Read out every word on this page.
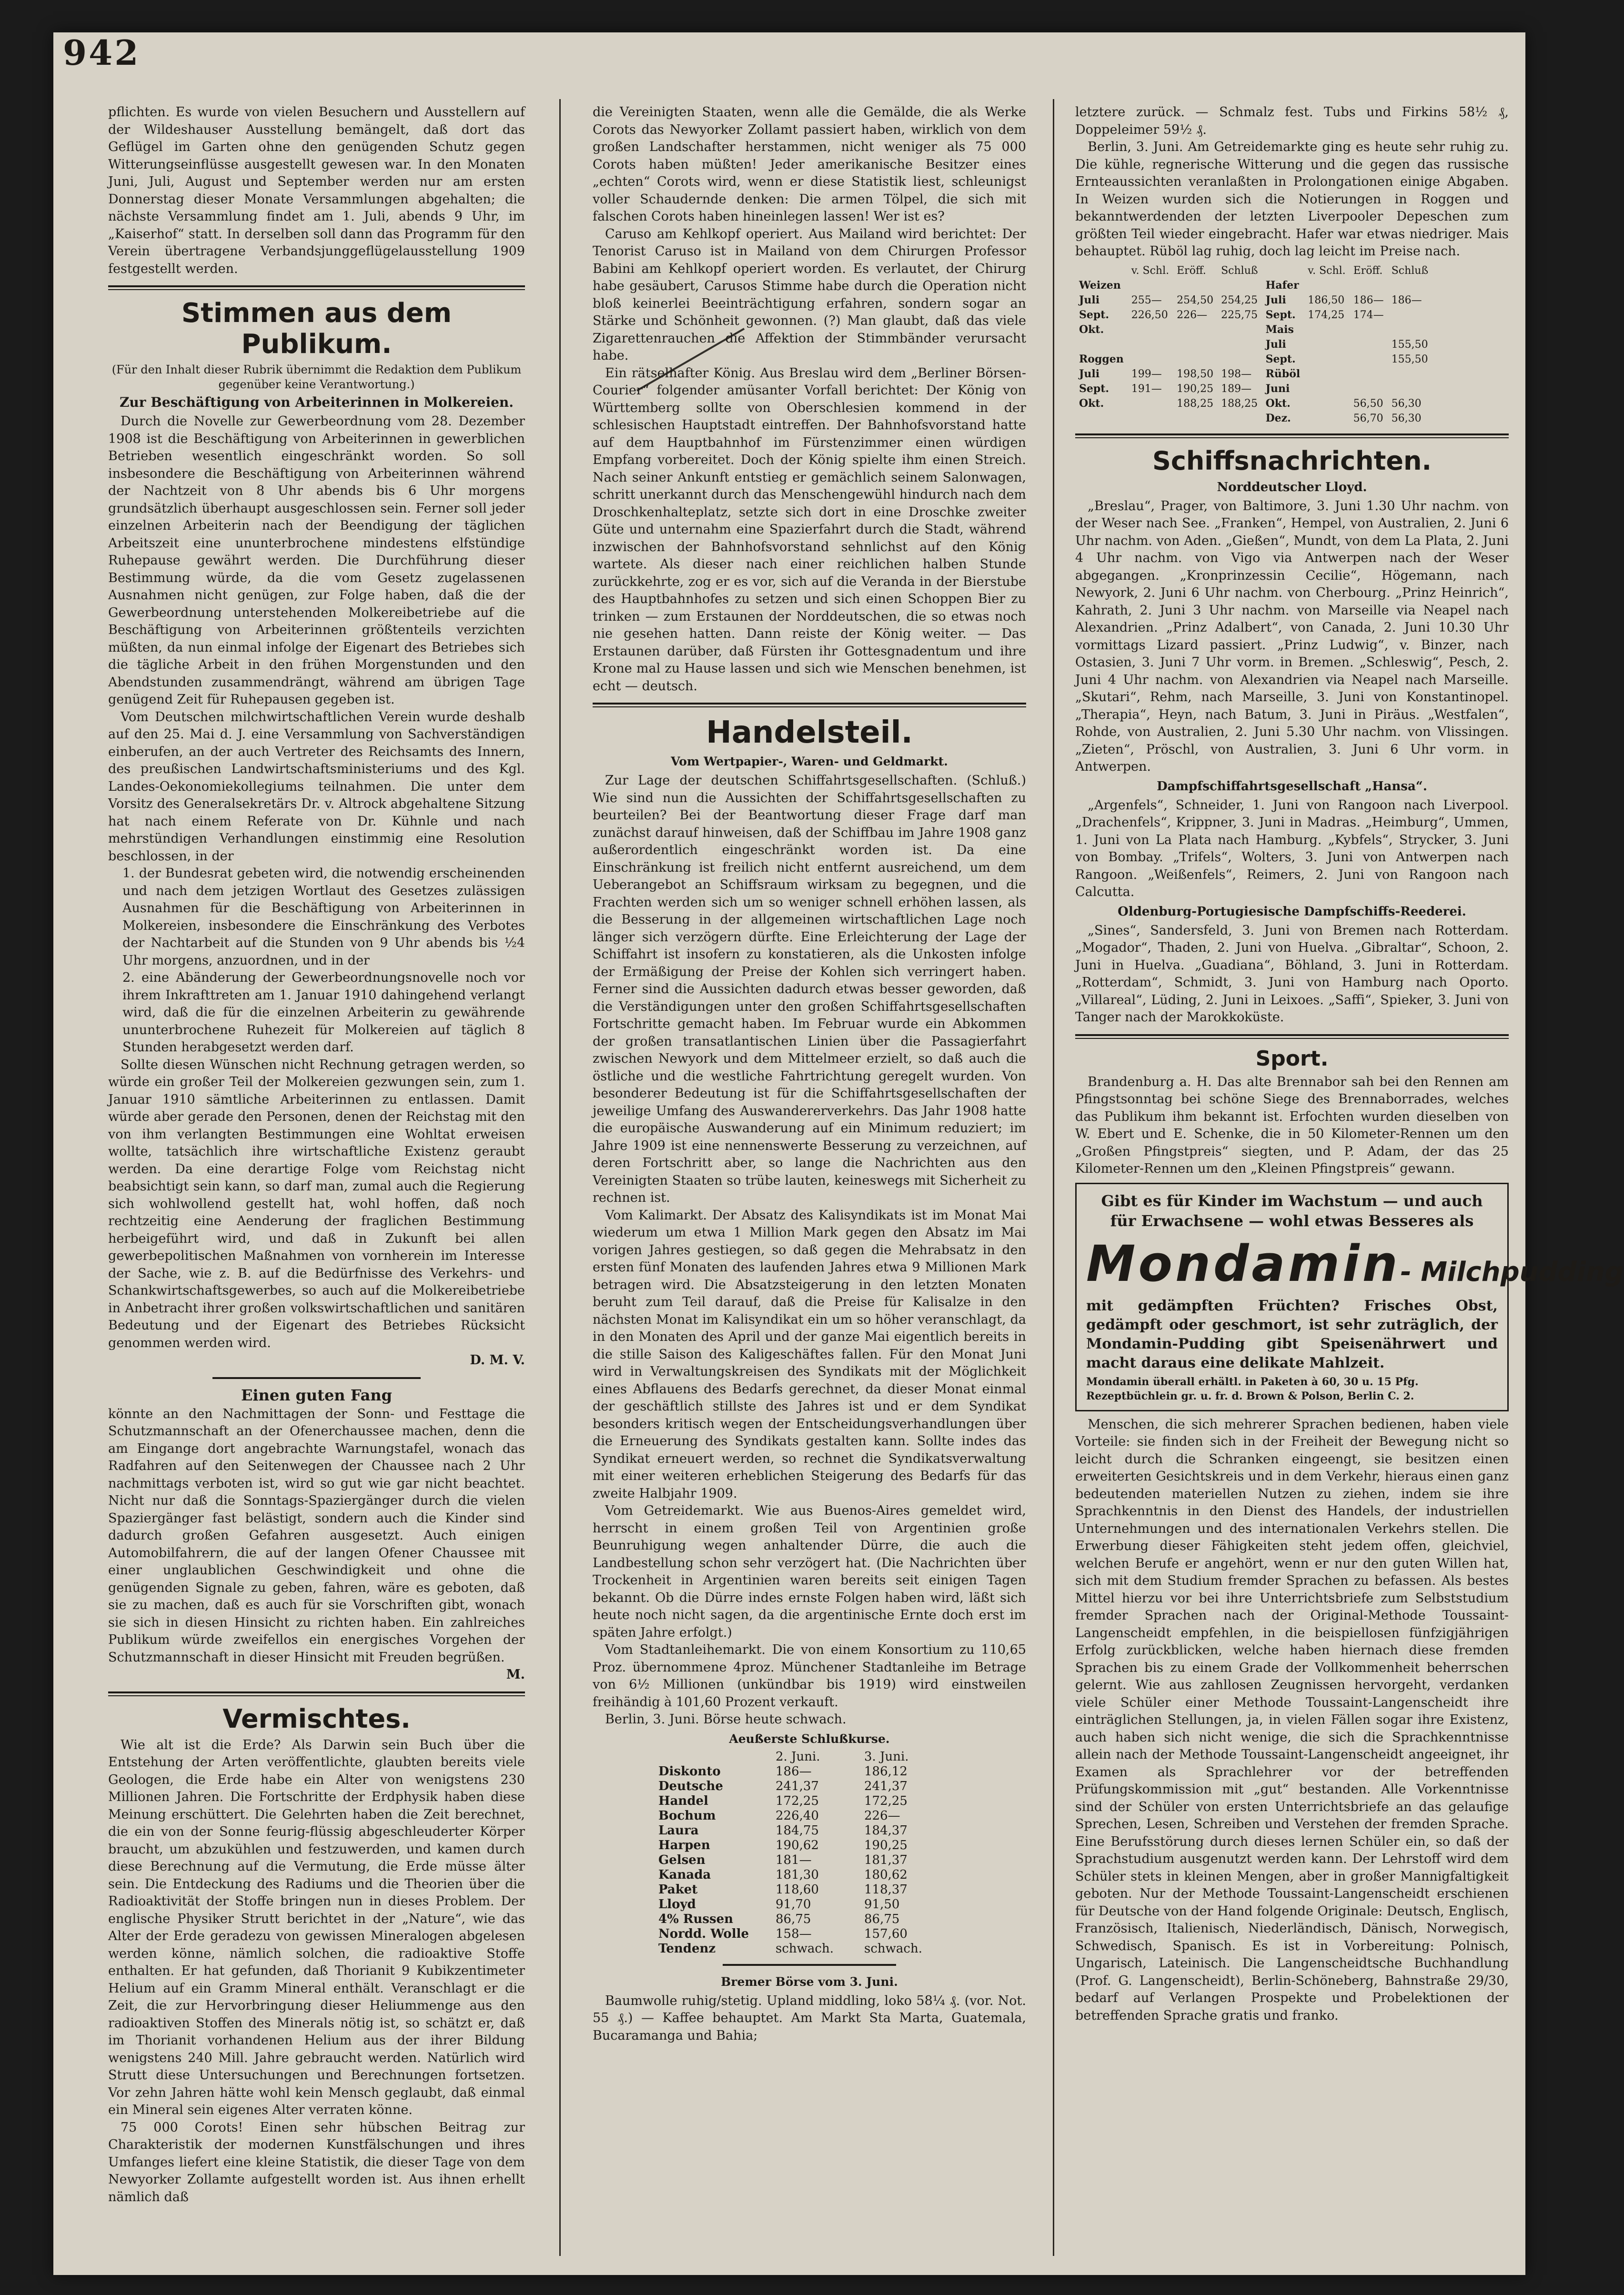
942

pflichten. Es wurde von vielen Besuchern und Ausstellern auf der Wildeshauser Ausstellung bemängelt, daß dort das Geflügel im Garten ohne den genügenden Schutz gegen Witterungseinflüsse ausgestellt gewesen war. In den Monaten Juni, Juli, August und September werden nur am ersten Donnerstag dieser Monate Versammlungen abgehalten; die nächste Versammlung findet am 1. Juli, abends 9 Uhr, im „Kaiserhof“ statt. In derselben soll dann das Programm für den Verein übertragene Verbandsjunggeflügelausstellung 1909 festgestellt werden.

Stimmen aus dem Publikum.
(Für den Inhalt dieser Rubrik übernimmt die Redaktion dem Publikum gegenüber keine Verantwortung.)
Zur Beschäftigung von Arbeiterinnen in Molkereien.

Durch die Novelle zur Gewerbeordnung vom 28. Dezember 1908 ist die Beschäftigung von Arbeiterinnen in gewerblichen Betrieben wesentlich eingeschränkt worden. So soll insbesondere die Beschäftigung von Arbeiterinnen während der Nachtzeit von 8 Uhr abends bis 6 Uhr morgens grundsätzlich überhaupt ausgeschlossen sein. Ferner soll jeder einzelnen Arbeiterin nach der Beendigung der täglichen Arbeitszeit eine ununterbrochene mindestens elfstündige Ruhepause gewährt werden. Die Durchführung dieser Bestimmung würde, da die vom Gesetz zugelassenen Ausnahmen nicht genügen, zur Folge haben, daß die der Gewerbeordnung unterstehenden Molkereibetriebe auf die Beschäftigung von Arbeiterinnen größtenteils verzichten müßten, da nun einmal infolge der Eigenart des Betriebes sich die tägliche Arbeit in den frühen Morgenstunden und den Abendstunden zusammendrängt, während am übrigen Tage genügend Zeit für Ruhepausen gegeben ist.

Vom Deutschen milchwirtschaftlichen Verein wurde deshalb auf den 25. Mai d. J. eine Versammlung von Sachverständigen einberufen, an der auch Vertreter des Reichsamts des Innern, des preußischen Landwirtschaftsministeriums und des Kgl. Landes-Oekonomiekollegiums teilnahmen. Die unter dem Vorsitz des Generalsekretärs Dr. v. Altrock abgehaltene Sitzung hat nach einem Referate von Dr. Kühnle und nach mehrstündigen Verhandlungen einstimmig eine Resolution beschlossen, in der

1. der Bundesrat gebeten wird, die notwendig erscheinenden und nach dem jetzigen Wortlaut des Gesetzes zulässigen Ausnahmen für die Beschäftigung von Arbeiterinnen in Molkereien, insbesondere die Einschränkung des Verbotes der Nachtarbeit auf die Stunden von 9 Uhr abends bis ½4 Uhr morgens, anzuordnen, und in der

2. eine Abänderung der Gewerbeordnungsnovelle noch vor ihrem Inkrafttreten am 1. Januar 1910 dahingehend verlangt wird, daß die für die einzelnen Arbeiterin zu gewährende ununterbrochene Ruhezeit für Molkereien auf täglich 8 Stunden herabgesetzt werden darf.

Sollte diesen Wünschen nicht Rechnung getragen werden, so würde ein großer Teil der Molkereien gezwungen sein, zum 1. Januar 1910 sämtliche Arbeiterinnen zu entlassen. Damit würde aber gerade den Personen, denen der Reichstag mit den von ihm verlangten Bestimmungen eine Wohltat erweisen wollte, tatsächlich ihre wirtschaftliche Existenz geraubt werden. Da eine derartige Folge vom Reichstag nicht beabsichtigt sein kann, so darf man, zumal auch die Regierung sich wohlwollend gestellt hat, wohl hoffen, daß noch rechtzeitig eine Aenderung der fraglichen Bestimmung herbeigeführt wird, und daß in Zukunft bei allen gewerbepolitischen Maßnahmen von vornherein im Interesse der Sache, wie z. B. auf die Bedürfnisse des Verkehrs- und Schankwirtschaftsgewerbes, so auch auf die Molkereibetriebe in Anbetracht ihrer großen volkswirtschaftlichen und sanitären Bedeutung und der Eigenart des Betriebes Rücksicht genommen werden wird.

D. M. V.
Einen guten Fang

könnte an den Nachmittagen der Sonn- und Festtage die Schutzmannschaft an der Ofenerchaussee machen, denn die am Eingange dort angebrachte Warnungstafel, wonach das Radfahren auf den Seitenwegen der Chaussee nach 2 Uhr nachmittags verboten ist, wird so gut wie gar nicht beachtet. Nicht nur daß die Sonntags-Spaziergänger durch die vielen Spaziergänger fast belästigt, sondern auch die Kinder sind dadurch großen Gefahren ausgesetzt. Auch einigen Automobilfahrern, die auf der langen Ofener Chaussee mit einer unglaublichen Geschwindigkeit und ohne die genügenden Signale zu geben, fahren, wäre es geboten, daß sie zu machen, daß es auch für sie Vorschriften gibt, wonach sie sich in diesen Hinsicht zu richten haben. Ein zahlreiches Publikum würde zweifellos ein energisches Vorgehen der Schutzmannschaft in dieser Hinsicht mit Freuden begrüßen.

M.
Vermischtes.

Wie alt ist die Erde? Als Darwin sein Buch über die Entstehung der Arten veröffentlichte, glaubten bereits viele Geologen, die Erde habe ein Alter von wenigstens 230 Millionen Jahren. Die Fortschritte der Erdphysik haben diese Meinung erschüttert. Die Gelehrten haben die Zeit berechnet, die ein von der Sonne feurig-flüssig abgeschleuderter Körper braucht, um abzukühlen und festzuwerden, und kamen durch diese Berechnung auf die Vermutung, die Erde müsse älter sein. Die Entdeckung des Radiums und die Theorien über die Radioaktivität der Stoffe bringen nun in dieses Problem. Der englische Physiker Strutt berichtet in der „Nature“, wie das Alter der Erde geradezu von gewissen Mineralogen abgelesen werden könne, nämlich solchen, die radioaktive Stoffe enthalten. Er hat gefunden, daß Thorianit 9 Kubikzentimeter Helium auf ein Gramm Mineral enthält. Veranschlagt er die Zeit, die zur Hervorbringung dieser Heliummenge aus den radioaktiven Stoffen des Minerals nötig ist, so schätzt er, daß im Thorianit vorhandenen Helium aus der ihrer Bildung wenigstens 240 Mill. Jahre gebraucht werden. Natürlich wird Strutt diese Untersuchungen und Berechnungen fortsetzen. Vor zehn Jahren hätte wohl kein Mensch geglaubt, daß einmal ein Mineral sein eigenes Alter verraten könne.

75 000 Corots! Einen sehr hübschen Beitrag zur Charakteristik der modernen Kunstfälschungen und ihres Umfanges liefert eine kleine Statistik, die dieser Tage von dem Newyorker Zollamte aufgestellt worden ist. Aus ihnen erhellt nämlich daß

die Vereinigten Staaten, wenn alle die Gemälde, die als Werke Corots das Newyorker Zollamt passiert haben, wirklich von dem großen Landschafter herstammen, nicht weniger als 75 000 Corots haben müßten! Jeder amerikanische Besitzer eines „echten“ Corots wird, wenn er diese Statistik liest, schleunigst voller Schaudernde denken: Die armen Tölpel, die sich mit falschen Corots haben hineinlegen lassen! Wer ist es?

Caruso am Kehlkopf operiert. Aus Mailand wird berichtet: Der Tenorist Caruso ist in Mailand von dem Chirurgen Professor Babini am Kehlkopf operiert worden. Es verlautet, der Chirurg habe gesäubert, Carusos Stimme habe durch die Operation nicht bloß keinerlei Beeinträchtigung erfahren, sondern sogar an Stärke und Schönheit gewonnen. (?) Man glaubt, daß das viele Zigarettenrauchen die Affektion der Stimmbänder verursacht habe.

Ein rätselhafter König. Aus Breslau wird dem „Berliner Börsen-Courier“ folgender amüsanter Vorfall berichtet: Der König von Württemberg sollte von Oberschlesien kommend in der schlesischen Hauptstadt eintreffen. Der Bahnhofsvorstand hatte auf dem Hauptbahnhof im Fürstenzimmer einen würdigen Empfang vorbereitet. Doch der König spielte ihm einen Streich. Nach seiner Ankunft entstieg er gemächlich seinem Salonwagen, schritt unerkannt durch das Menschengewühl hindurch nach dem Droschkenhalteplatz, setzte sich dort in eine Droschke zweiter Güte und unternahm eine Spazierfahrt durch die Stadt, während inzwischen der Bahnhofsvorstand sehnlichst auf den König wartete. Als dieser nach einer reichlichen halben Stunde zurückkehrte, zog er es vor, sich auf die Veranda in der Bierstube des Hauptbahnhofes zu setzen und sich einen Schoppen Bier zu trinken — zum Erstaunen der Norddeutschen, die so etwas noch nie gesehen hatten. Dann reiste der König weiter. — Das Erstaunen darüber, daß Fürsten ihr Gottesgnadentum und ihre Krone mal zu Hause lassen und sich wie Menschen benehmen, ist echt — deutsch.

Handelsteil.
Vom Wertpapier-, Waren- und Geldmarkt.

Zur Lage der deutschen Schiffahrtsgesellschaften. (Schluß.) Wie sind nun die Aussichten der Schiffahrtsgesellschaften zu beurteilen? Bei der Beantwortung dieser Frage darf man zunächst darauf hinweisen, daß der Schiffbau im Jahre 1908 ganz außerordentlich eingeschränkt worden ist. Da eine Einschränkung ist freilich nicht entfernt ausreichend, um dem Ueberangebot an Schiffsraum wirksam zu begegnen, und die Frachten werden sich um so weniger schnell erhöhen lassen, als die Besserung in der allgemeinen wirtschaftlichen Lage noch länger sich verzögern dürfte. Eine Erleichterung der Lage der Schiffahrt ist insofern zu konstatieren, als die Unkosten infolge der Ermäßigung der Preise der Kohlen sich verringert haben. Ferner sind die Aussichten dadurch etwas besser geworden, daß die Verständigungen unter den großen Schiffahrtsgesellschaften Fortschritte gemacht haben. Im Februar wurde ein Abkommen der großen transatlantischen Linien über die Passagierfahrt zwischen Newyork und dem Mittelmeer erzielt, so daß auch die östliche und die westliche Fahrtrichtung geregelt wurden. Von besonderer Bedeutung ist für die Schiffahrtsgesellschaften der jeweilige Umfang des Auswandererverkehrs. Das Jahr 1908 hatte die europäische Auswanderung auf ein Minimum reduziert; im Jahre 1909 ist eine nennenswerte Besserung zu verzeichnen, auf deren Fortschritt aber, so lange die Nachrichten aus den Vereinigten Staaten so trübe lauten, keineswegs mit Sicherheit zu rechnen ist.

Vom Kalimarkt. Der Absatz des Kalisyndikats ist im Monat Mai wiederum um etwa 1 Million Mark gegen den Absatz im Mai vorigen Jahres gestiegen, so daß gegen die Mehrabsatz in den ersten fünf Monaten des laufenden Jahres etwa 9 Millionen Mark betragen wird. Die Absatzsteigerung in den letzten Monaten beruht zum Teil darauf, daß die Preise für Kalisalze in den nächsten Monat im Kalisyndikat ein um so höher veranschlagt, da in den Monaten des April und der ganze Mai eigentlich bereits in die stille Saison des Kaligeschäftes fallen. Für den Monat Juni wird in Verwaltungskreisen des Syndikats mit der Möglichkeit eines Abflauens des Bedarfs gerechnet, da dieser Monat einmal der geschäftlich stillste des Jahres ist und er dem Syndikat besonders kritisch wegen der Entscheidungsverhandlungen über die Erneuerung des Syndikats gestalten kann. Sollte indes das Syndikat erneuert werden, so rechnet die Syndikatsverwaltung mit einer weiteren erheblichen Steigerung des Bedarfs für das zweite Halbjahr 1909.

Vom Getreidemarkt. Wie aus Buenos-Aires gemeldet wird, herrscht in einem großen Teil von Argentinien große Beunruhigung wegen anhaltender Dürre, die auch die Landbestellung schon sehr verzögert hat. (Die Nachrichten über Trockenheit in Argentinien waren bereits seit einigen Tagen bekannt. Ob die Dürre indes ernste Folgen haben wird, läßt sich heute noch nicht sagen, da die argentinische Ernte doch erst im späten Jahre erfolgt.)

Vom Stadtanleihemarkt. Die von einem Konsortium zu 110,65 Proz. übernommene 4proz. Münchener Stadtanleihe im Betrage von 6½ Millionen (unkündbar bis 1919) wird einstweilen freihändig à 101,60 Prozent verkauft.

Berlin, 3. Juni. Börse heute schwach.

Aeußerste Schlußkurse.
	2. Juni.	3. Juni.
Diskonto	186—	186,12
Deutsche	241,37	241,37
Handel	172,25	172,25
Bochum	226,40	226—
Laura	184,75	184,37
Harpen	190,62	190,25
Gelsen	181—	181,37
Kanada	181,30	180,62
Paket	118,60	118,37
Lloyd	91,70	91,50
4% Russen	86,75	86,75
Nordd. Wolle	158—	157,60
Tendenz	schwach.	schwach.
Bremer Börse vom 3. Juni.

Baumwolle ruhig/stetig. Upland middling, loko 58¼ ₰. (vor. Not. 55 ₰.) — Kaffee behauptet. Am Markt Sta Marta, Guatemala, Bucaramanga und Bahia;

letztere zurück. — Schmalz fest. Tubs und Firkins 58½ ₰, Doppeleimer 59½ ₰.

Berlin, 3. Juni. Am Getreidemarkte ging es heute sehr ruhig zu. Die kühle, regnerische Witterung und die gegen das russische Ernteaussichten veranlaßten in Prolongationen einige Abgaben. In Weizen wurden sich die Notierungen in Roggen und bekanntwerdenden der letzten Liverpooler Depeschen zum größten Teil wieder eingebracht. Hafer war etwas niedriger. Mais behauptet. Rüböl lag ruhig, doch lag leicht im Preise nach.

	v. Schl.	Eröff.	Schluß		v. Schl.	Eröff.	Schluß
Weizen				Hafer			
Juli	255—	254,50	254,25	Juli	186,50	186—	186—
Sept.	226,50	226—	225,75	Sept.	174,25	174—	
Okt.				Mais			
				Juli			155,50
Roggen				Sept.			155,50
Juli	199—	198,50	198—	Rüböl			
Sept.	191—	190,25	189—	Juni			
Okt.		188,25	188,25	Okt.		56,50	56,30
				Dez.		56,70	56,30
Schiffsnachrichten.
Norddeutscher Lloyd.

„Breslau“, Prager, von Baltimore, 3. Juni 1.30 Uhr nachm. von der Weser nach See. „Franken“, Hempel, von Australien, 2. Juni 6 Uhr nachm. von Aden. „Gießen“, Mundt, von dem La Plata, 2. Juni 4 Uhr nachm. von Vigo via Antwerpen nach der Weser abgegangen. „Kronprinzessin Cecilie“, Högemann, nach Newyork, 2. Juni 6 Uhr nachm. von Cherbourg. „Prinz Heinrich“, Kahrath, 2. Juni 3 Uhr nachm. von Marseille via Neapel nach Alexandrien. „Prinz Adalbert“, von Canada, 2. Juni 10.30 Uhr vormittags Lizard passiert. „Prinz Ludwig“, v. Binzer, nach Ostasien, 3. Juni 7 Uhr vorm. in Bremen. „Schleswig“, Pesch, 2. Juni 4 Uhr nachm. von Alexandrien via Neapel nach Marseille. „Skutari“, Rehm, nach Marseille, 3. Juni von Konstantinopel. „Therapia“, Heyn, nach Batum, 3. Juni in Piräus. „Westfalen“, Rohde, von Australien, 2. Juni 5.30 Uhr nachm. von Vlissingen. „Zieten“, Pröschl, von Australien, 3. Juni 6 Uhr vorm. in Antwerpen.

Dampfschiffahrtsgesellschaft „Hansa“.

„Argenfels“, Schneider, 1. Juni von Rangoon nach Liverpool. „Drachenfels“, Krippner, 3. Juni in Madras. „Heimburg“, Ummen, 1. Juni von La Plata nach Hamburg. „Kybfels“, Strycker, 3. Juni von Bombay. „Trifels“, Wolters, 3. Juni von Antwerpen nach Rangoon. „Weißenfels“, Reimers, 2. Juni von Rangoon nach Calcutta.

Oldenburg-Portugiesische Dampfschiffs-Reederei.

„Sines“, Sandersfeld, 3. Juni von Bremen nach Rotterdam. „Mogador“, Thaden, 2. Juni von Huelva. „Gibraltar“, Schoon, 2. Juni in Huelva. „Guadiana“, Böhland, 3. Juni in Rotterdam. „Rotterdam“, Schmidt, 3. Juni von Hamburg nach Oporto. „Villareal“, Lüding, 2. Juni in Leixoes. „Saffi“, Spieker, 3. Juni von Tanger nach der Marokkoküste.

Sport.

Brandenburg a. H. Das alte Brennabor sah bei den Rennen am Pfingstsonntag bei schöne Siege des Brennaborrades, welches das Publikum ihm bekannt ist. Erfochten wurden dieselben von W. Ebert und E. Schenke, die in 50 Kilometer-Rennen um den „Großen Pfingstpreis“ siegten, und P. Adam, der das 25 Kilometer-Rennen um den „Kleinen Pfingstpreis“ gewann.

Gibt es für Kinder im Wachstum — und auch für Erwachsene — wohl etwas Besseres als
Mondamin- Milchpudding
mit gedämpften Früchten? Frisches Obst, gedämpft oder geschmort, ist sehr zuträglich, der Mondamin-Pudding gibt Speisenährwert und macht daraus eine delikate Mahlzeit.
Mondamin überall erhältl. in Paketen à 60, 30 u. 15 Pfg. Rezeptbüchlein gr. u. fr. d. Brown & Polson, Berlin C. 2.

Menschen, die sich mehrerer Sprachen bedienen, haben viele Vorteile: sie finden sich in der Freiheit der Bewegung nicht so leicht durch die Schranken eingeengt, sie besitzen einen erweiterten Gesichtskreis und in dem Verkehr, hieraus einen ganz bedeutenden materiellen Nutzen zu ziehen, indem sie ihre Sprachkenntnis in den Dienst des Handels, der industriellen Unternehmungen und des internationalen Verkehrs stellen. Die Erwerbung dieser Fähigkeiten steht jedem offen, gleichviel, welchen Berufe er angehört, wenn er nur den guten Willen hat, sich mit dem Studium fremder Sprachen zu befassen. Als bestes Mittel hierzu vor bei ihre Unterrichtsbriefe zum Selbststudium fremder Sprachen nach der Original-Methode Toussaint-Langenscheidt empfehlen, in die beispiellosen fünfzigjährigen Erfolg zurückblicken, welche haben hiernach diese fremden Sprachen bis zu einem Grade der Vollkommenheit beherrschen gelernt. Wie aus zahllosen Zeugnissen hervorgeht, verdanken viele Schüler einer Methode Toussaint-Langenscheidt ihre einträglichen Stellungen, ja, in vielen Fällen sogar ihre Existenz, auch haben sich nicht wenige, die sich die Sprachkenntnisse allein nach der Methode Toussaint-Langenscheidt angeeignet, ihr Examen als Sprachlehrer vor der betreffenden Prüfungskommission mit „gut“ bestanden. Alle Vorkenntnisse sind der Schüler von ersten Unterrichtsbriefe an das gelaufige Sprechen, Lesen, Schreiben und Verstehen der fremden Sprache. Eine Berufsstörung durch dieses lernen Schüler ein, so daß der Sprachstudium ausgenutzt werden kann. Der Lehrstoff wird dem Schüler stets in kleinen Mengen, aber in großer Mannigfaltigkeit geboten. Nur der Methode Toussaint-Langenscheidt erschienen für Deutsche von der Hand folgende Originale: Deutsch, Englisch, Französisch, Italienisch, Niederländisch, Dänisch, Norwegisch, Schwedisch, Spanisch. Es ist in Vorbereitung: Polnisch, Ungarisch, Lateinisch. Die Langenscheidtsche Buchhandlung (Prof. G. Langenscheidt), Berlin-Schöneberg, Bahnstraße 29/30, bedarf auf Verlangen Prospekte und Probelektionen der betreffenden Sprache gratis und franko.
